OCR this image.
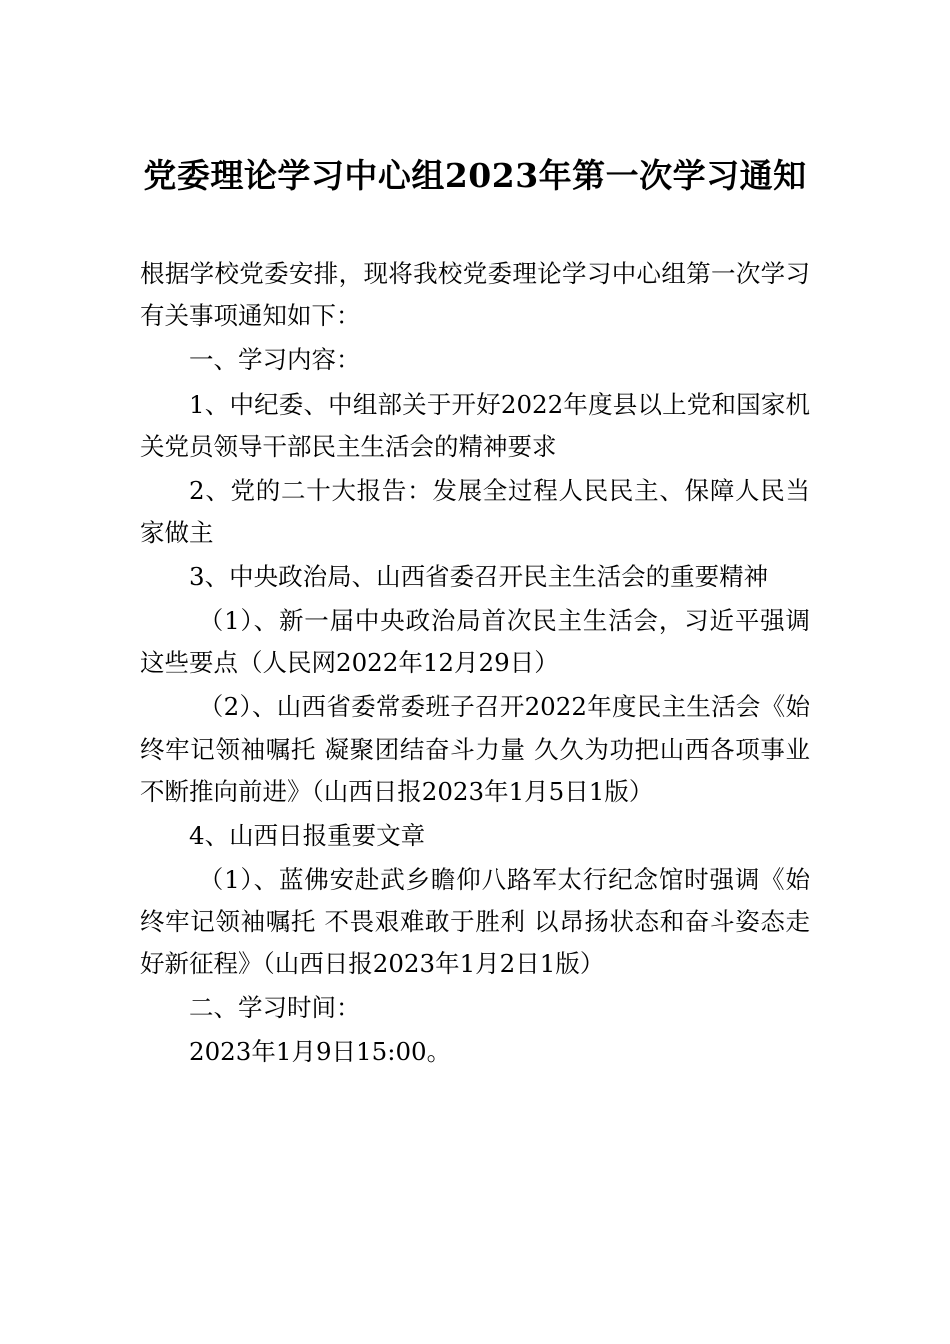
党委理论学习中心组2023年第一次学习通知

根据学校党委安排，现将我校党委理论学习中心组第一次学习有关事项通知如下：

一、学习内容：

1、中纪委、中组部关于开好2022年度县以上党和国家机关党员领导干部民主生活会的精神要求

2、党的二十大报告：发展全过程人民民主、保障人民当家做主

3、中央政治局、山西省委召开民主生活会的重要精神

（1）、新一届中央政治局首次民主生活会，习近平强调这些要点（人民网2022年12月29日）

（2）、山西省委常委班子召开2022年度民主生活会《始终牢记领袖嘱托 凝聚团结奋斗力量 久久为功把山西各项事业不断推向前进》（山西日报2023年1月5日1版）

4、山西日报重要文章

（1）、蓝佛安赴武乡瞻仰八路军太行纪念馆时强调《始终牢记领袖嘱托 不畏艰难敢于胜利 以昂扬状态和奋斗姿态走好新征程》（山西日报2023年1月2日1版）

二、学习时间：

2023年1月9日15:00。
